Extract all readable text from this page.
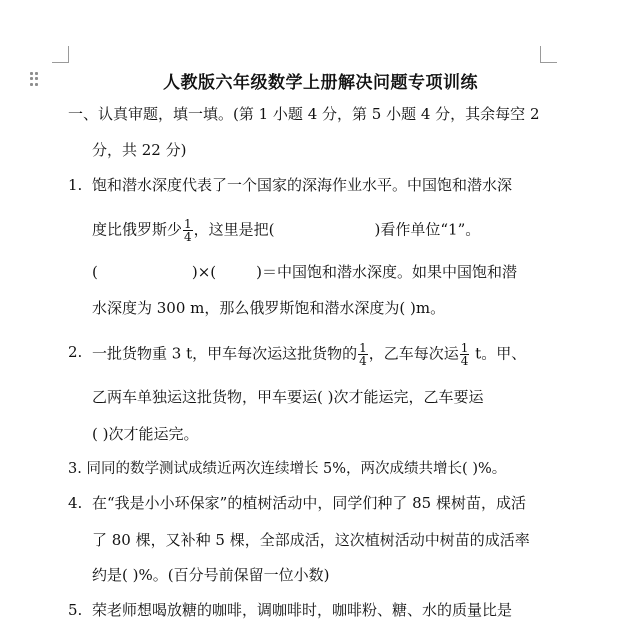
人教版六年级数学上册解决问题专项训练
一、认真审题，填一填。(第 1 小题 4 分，第 5 小题 4 分，其余每空 2
分，共 22 分)
1. 饱和潜水深度代表了一个国家的深海作业水平。中国饱和潜水深
度比俄罗斯少 $\frac{1}{4}$ ，这里是把(	)看作单位“1”。
(	)×(	)＝中国饱和潜水深度。如果中国饱和潜
水深度为 300 m，那么俄罗斯饱和潜水深度为( )m。
2. 一批货物重 3 t，甲车每次运这批货物的 $\frac{1}{4}$ ，乙车每次运 $\frac{1}{4}$ t。甲、
乙两车单独运这批货物，甲车要运( )次才能运完，乙车要运
( )次才能运完。
3. 同同的数学测试成绩近两次连续增长 5%，两次成绩共增长( )%。
4. 在“我是小小环保家”的植树活动中，同学们种了 85 棵树苗，成活
了 80 棵，又补种 5 棵，全部成活，这次植树活动中树苗的成活率
约是( )%。(百分号前保留一位小数)
5. 荣老师想喝放糖的咖啡，调咖啡时，咖啡粉、糖、水的质量比是
